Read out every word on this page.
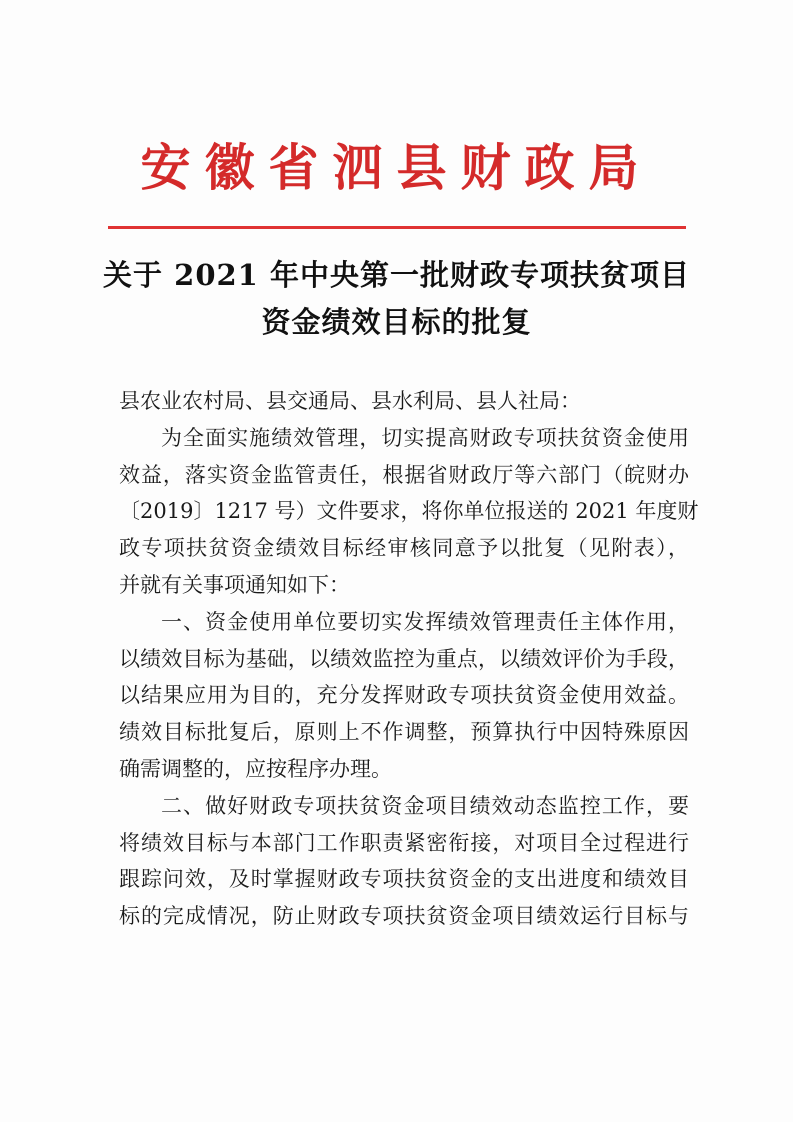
安徽省泗县财政局
关于 2021 年中央第一批财政专项扶贫项目
资金绩效目标的批复
县农业农村局、县交通局、县水利局、县人社局：
为全面实施绩效管理，切实提高财政专项扶贫资金使用
效益，落实资金监管责任，根据省财政厅等六部门（皖财办
〔2019〕1217 号）文件要求，将你单位报送的 2021 年度财
政专项扶贫资金绩效目标经审核同意予以批复（见附表），
并就有关事项通知如下：
一、资金使用单位要切实发挥绩效管理责任主体作用，
以绩效目标为基础，以绩效监控为重点，以绩效评价为手段，
以结果应用为目的，充分发挥财政专项扶贫资金使用效益。
绩效目标批复后，原则上不作调整，预算执行中因特殊原因
确需调整的，应按程序办理。
二、做好财政专项扶贫资金项目绩效动态监控工作，要
将绩效目标与本部门工作职责紧密衔接，对项目全过程进行
跟踪问效，及时掌握财政专项扶贫资金的支出进度和绩效目
标的完成情况，防止财政专项扶贫资金项目绩效运行目标与
